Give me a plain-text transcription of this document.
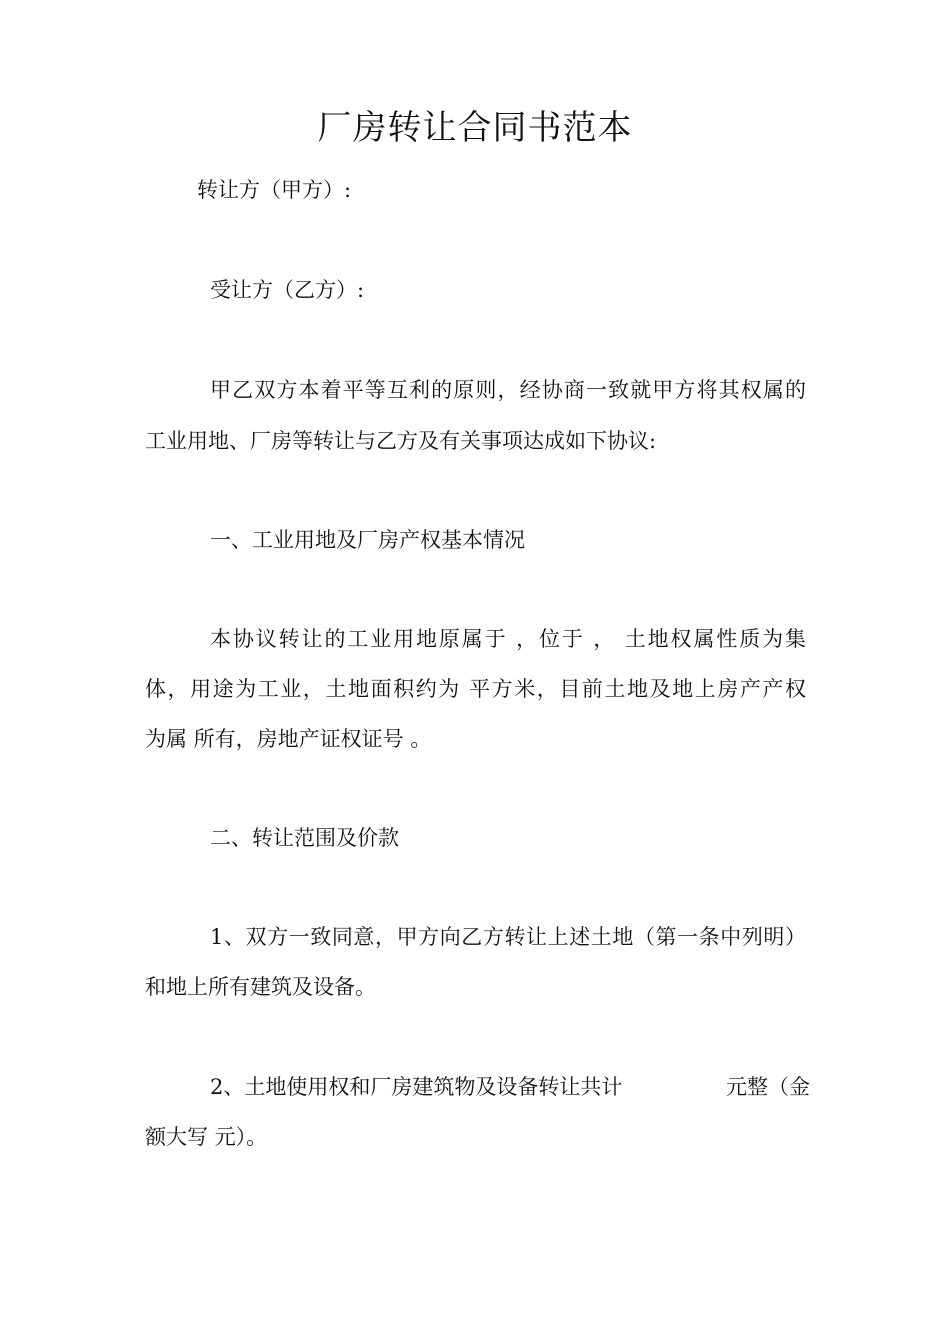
厂房转让合同书范本
转让方（甲方）:
受让方（乙方）:
甲乙双方本着平等互利的原则，经协商一致就甲方将其权属的
工业用地、厂房等转让与乙方及有关事项达成如下协议:
一、工业用地及厂房产权基本情况
本协议转让的工业用地原属于 ，位于 ， 土地权属性质为集
体，用途为工业，土地面积约为 平方米，目前土地及地上房产产权
为属 所有，房地产证权证号 。
二、转让范围及价款
1、双方一致同意，甲方向乙方转让上述土地（第一条中列明）
和地上所有建筑及设备。
2、土地使用权和厂房建筑物及设备转让共计	元整（金
额大写 元）。
